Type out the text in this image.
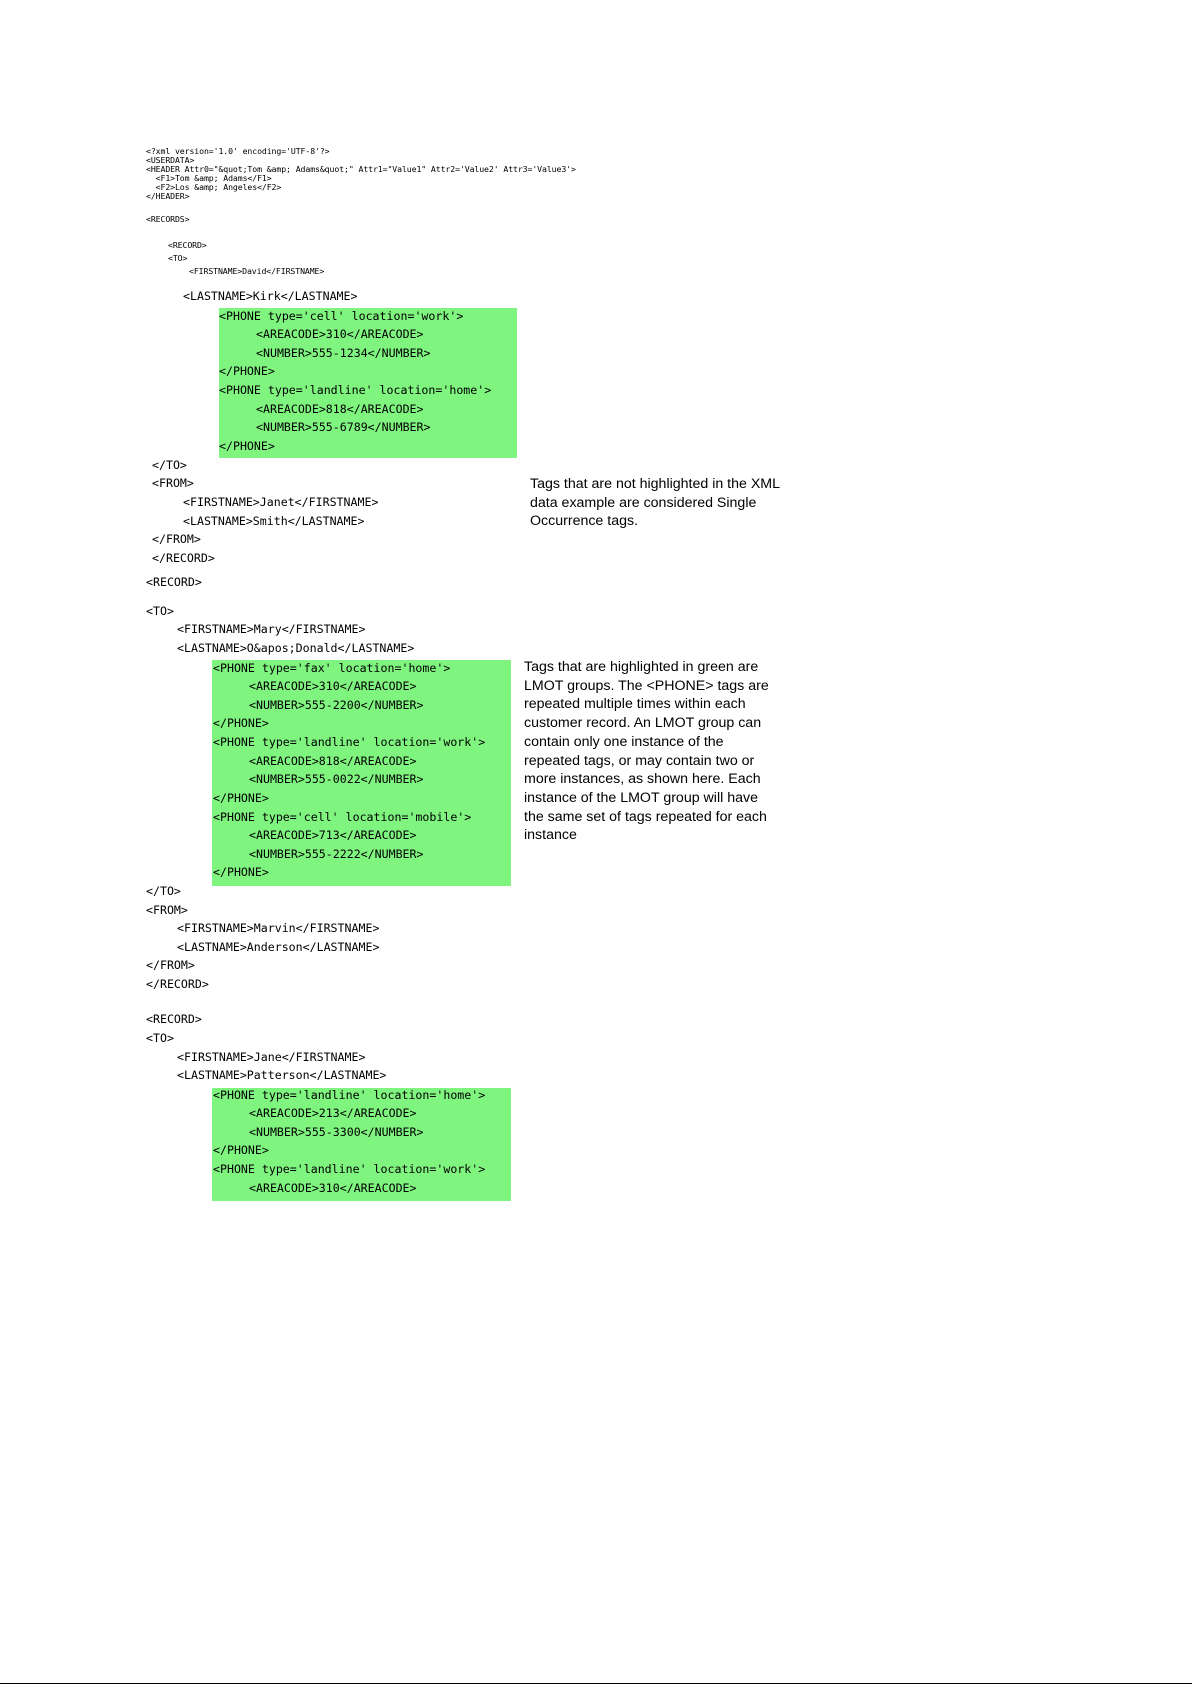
<?xml version='1.0' encoding='UTF-8'?>
<USERDATA>
<HEADER Attr0="&quot;Tom &amp; Adams&quot;" Attr1="Value1" Attr2='Value2' Attr3='Value3'>
<F1>Tom &amp; Adams</F1>
<F2>Los &amp; Angeles</F2>
</HEADER>
<RECORDS>
<RECORD>
<TO>
<FIRSTNAME>David</FIRSTNAME>
<LASTNAME>Kirk</LASTNAME>
<PHONE type='cell' location='work'>
<AREACODE>310</AREACODE>
<NUMBER>555-1234</NUMBER>
</PHONE>
<PHONE type='landline' location='home'>
<AREACODE>818</AREACODE>
<NUMBER>555-6789</NUMBER>
</PHONE>
</TO>
<FROM>
<FIRSTNAME>Janet</FIRSTNAME>
<LASTNAME>Smith</LASTNAME>
</FROM>
</RECORD>
Tags that are not highlighted in the XML data example are considered Single Occurrence tags.
<RECORD>
<TO>
<FIRSTNAME>Mary</FIRSTNAME>
<LASTNAME>O&apos;Donald</LASTNAME>
<PHONE type='fax' location='home'>
<AREACODE>310</AREACODE>
<NUMBER>555-2200</NUMBER>
</PHONE>
<PHONE type='landline' location='work'>
<AREACODE>818</AREACODE>
<NUMBER>555-0022</NUMBER>
</PHONE>
<PHONE type='cell' location='mobile'>
<AREACODE>713</AREACODE>
<NUMBER>555-2222</NUMBER>
</PHONE>
</TO>
<FROM>
<FIRSTNAME>Marvin</FIRSTNAME>
<LASTNAME>Anderson</LASTNAME>
</FROM>
</RECORD>
Tags that are highlighted in green are LMOT groups. The <PHONE> tags are repeated multiple times within each customer record. An LMOT group can contain only one instance of the repeated tags, or may contain two or more instances, as shown here. Each instance of the LMOT group will have the same set of tags repeated for each instance
<RECORD>
<TO>
<FIRSTNAME>Jane</FIRSTNAME>
<LASTNAME>Patterson</LASTNAME>
<PHONE type='landline' location='home'>
<AREACODE>213</AREACODE>
<NUMBER>555-3300</NUMBER>
</PHONE>
<PHONE type='landline' location='work'>
<AREACODE>310</AREACODE>
